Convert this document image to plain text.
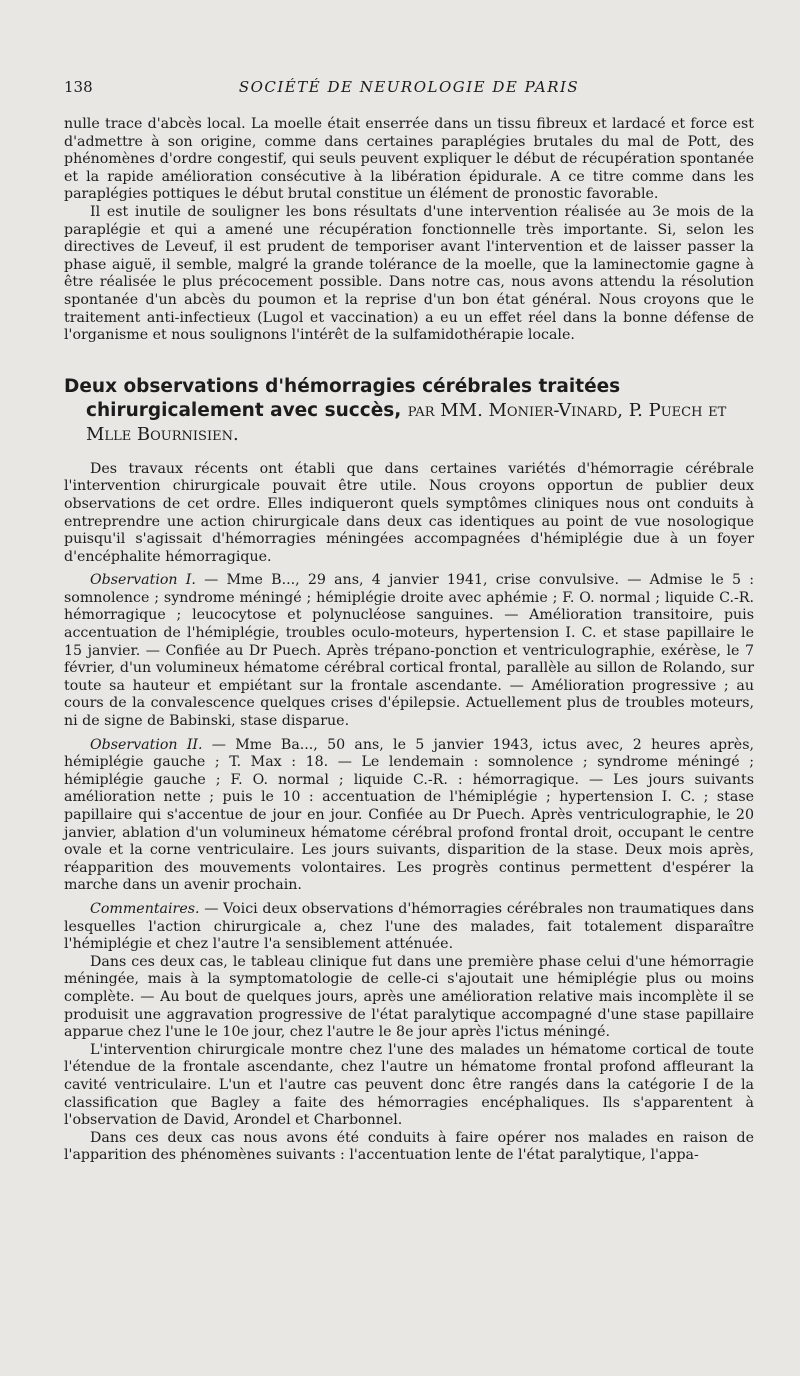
138	SOCIÉTÉ DE NEUROLOGIE DE PARIS

nulle trace d'abcès local. La moelle était enserrée dans un tissu fibreux et lardacé et force est d'admettre à son origine, comme dans certaines paraplégies brutales du mal de Pott, des phénomènes d'ordre congestif, qui seuls peuvent expliquer le début de récupération spontanée et la rapide amélioration consécutive à la libération épidurale. A ce titre comme dans les paraplégies pottiques le début brutal constitue un élément de pronostic favorable.

Il est inutile de souligner les bons résultats d'une intervention réalisée au 3e mois de la paraplégie et qui a amené une récupération fonctionnelle très importante. Si, selon les directives de Leveuf, il est prudent de temporiser avant l'intervention et de laisser passer la phase aiguë, il semble, malgré la grande tolérance de la moelle, que la laminectomie gagne à être réalisée le plus précocement possible. Dans notre cas, nous avons attendu la résolution spontanée d'un abcès du poumon et la reprise d'un bon état général. Nous croyons que le traitement anti-infectieux (Lugol et vaccination) a eu un effet réel dans la bonne défense de l'organisme et nous soulignons l'intérêt de la sulfamidothérapie locale.

Deux observations d'hémorragies cérébrales traitées chirurgicalement avec succès, par MM. Monier-Vinard, P. Puech et Mlle Bournisien.

Des travaux récents ont établi que dans certaines variétés d'hémorragie cérébrale l'intervention chirurgicale pouvait être utile. Nous croyons opportun de publier deux observations de cet ordre. Elles indiqueront quels symptômes cliniques nous ont conduits à entreprendre une action chirurgicale dans deux cas identiques au point de vue nosologique puisqu'il s'agissait d'hémorragies méningées accompagnées d'hémiplégie due à un foyer d'encéphalite hémorragique.

Observation I. — Mme B..., 29 ans, 4 janvier 1941, crise convulsive. — Admise le 5 : somnolence ; syndrome méningé ; hémiplégie droite avec aphémie ; F. O. normal ; liquide C.-R. hémorragique ; leucocytose et polynucléose sanguines. — Amélioration transitoire, puis accentuation de l'hémiplégie, troubles oculo-moteurs, hypertension I. C. et stase papillaire le 15 janvier. — Confiée au Dr Puech. Après trépano-ponction et ventriculographie, exérèse, le 7 février, d'un volumineux hématome cérébral cortical frontal, parallèle au sillon de Rolando, sur toute sa hauteur et empiétant sur la frontale ascendante. — Amélioration progressive ; au cours de la convalescence quelques crises d'épilepsie. Actuellement plus de troubles moteurs, ni de signe de Babinski, stase disparue.

Observation II. — Mme Ba..., 50 ans, le 5 janvier 1943, ictus avec, 2 heures après, hémiplégie gauche ; T. Max : 18. — Le lendemain : somnolence ; syndrome méningé ; hémiplégie gauche ; F. O. normal ; liquide C.-R. : hémorragique. — Les jours suivants amélioration nette ; puis le 10 : accentuation de l'hémiplégie ; hypertension I. C. ; stase papillaire qui s'accentue de jour en jour. Confiée au Dr Puech. Après ventriculographie, le 20 janvier, ablation d'un volumineux hématome cérébral profond frontal droit, occupant le centre ovale et la corne ventriculaire. Les jours suivants, disparition de la stase. Deux mois après, réapparition des mouvements volontaires. Les progrès continus permettent d'espérer la marche dans un avenir prochain.

Commentaires. — Voici deux observations d'hémorragies cérébrales non traumatiques dans lesquelles l'action chirurgicale a, chez l'une des malades, fait totalement disparaître l'hémiplégie et chez l'autre l'a sensiblement atténuée.

Dans ces deux cas, le tableau clinique fut dans une première phase celui d'une hémorragie méningée, mais à la symptomatologie de celle-ci s'ajoutait une hémiplégie plus ou moins complète. — Au bout de quelques jours, après une amélioration relative mais incomplète il se produisit une aggravation progressive de l'état paralytique accompagné d'une stase papillaire apparue chez l'une le 10e jour, chez l'autre le 8e jour après l'ictus méningé.

L'intervention chirurgicale montre chez l'une des malades un hématome cortical de toute l'étendue de la frontale ascendante, chez l'autre un hématome frontal profond affleurant la cavité ventriculaire. L'un et l'autre cas peuvent donc être rangés dans la catégorie I de la classification que Bagley a faite des hémorragies encéphaliques. Ils s'apparentent à l'observation de David, Arondel et Charbonnel.

Dans ces deux cas nous avons été conduits à faire opérer nos malades en raison de l'apparition des phénomènes suivants : l'accentuation lente de l'état paralytique, l'appa-
